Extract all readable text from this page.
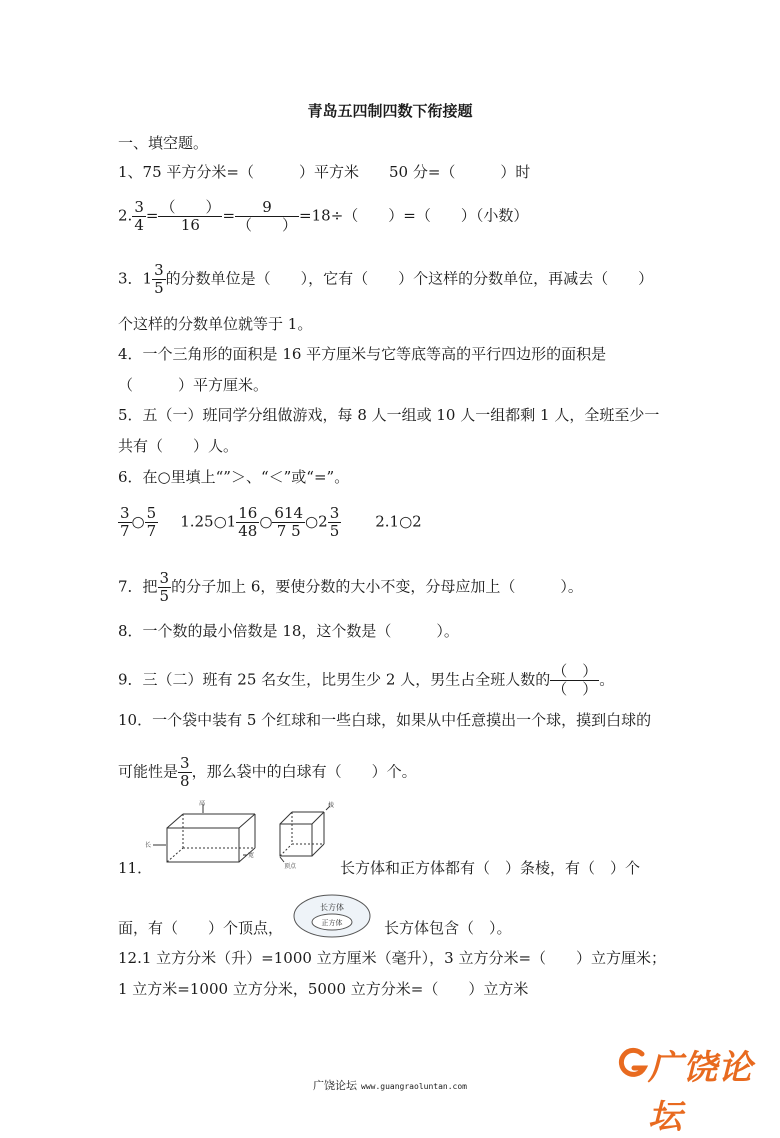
青岛五四制四数下衔接题
一、填空题。
1、75 平方分米=（　　　）平方米　　50 分=（　　　）时
2. $\frac{3}{4} = \frac{( )}{16} = \frac{9}{( )} =18\div$（　　）=（　　）（小数）
3．$1 \frac{3}{5}$ 的分数单位是（　　），它有（　　）个这样的分数单位，再减去（　　）
个这样的分数单位就等于 1。
4．一个三角形的面积是 16 平方厘米与它等底等高的平行四边形的面积是
（　　　）平方厘米。
5．五（一）班同学分组做游戏，每 8 人一组或 10 人一组都剩 1 人，全班至少一
共有（　　）人。
6．在○里填上“”＞、“＜”或“=”。
$\frac{3}{7}$ ○ $\frac{5}{7}$ 1.25○1 $\frac{16}{48}$ ○ $\frac{614}{7 5}$ ○2 $\frac{3}{5}$ 2.1○2
7．把 $\frac{3}{5}$ 的分子加上 6，要使分数的大小不变，分母应加上（　　　）。
8．一个数的最小倍数是 18，这个数是（　　　）。
9．三（二）班有 25 名女生，比男生少 2 人，男生占全班人数的 $\frac{( )}{( )}$ 。
10．一个袋中装有 5 个红球和一些白球，如果从中任意摸出一个球，摸到白球的
可能性是 $\frac{3}{8}$ ，那么袋中的白球有（　　）个。
高
长
宽
棱
顶点
11．	长方体和正方体都有（　）条棱，有（　）个
面，有（　　）个顶点，
长方体
正方体	长方体包含（　）。
12.1 立方分米（升）=1000 立方厘米（毫升），3 立方分米=（　　）立方厘米；
1 立方米=1000 立方分米，5000 立方分米=（　　）立方米
广饶论坛 www.guangraoluntan.com	广饶论坛
